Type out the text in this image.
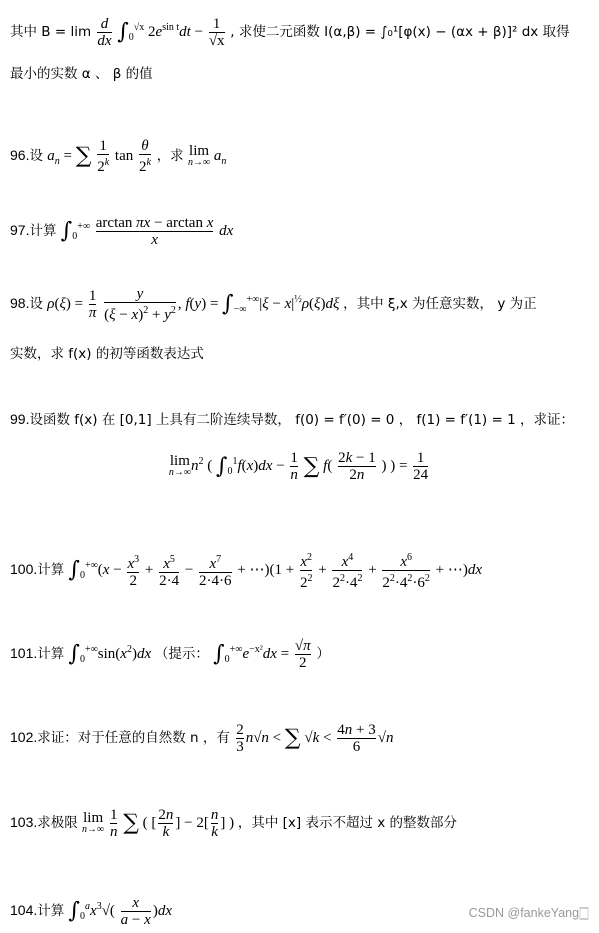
其中 $B = \lim \frac{d}{dx} \int_0^{√x}$ $2e^{sin t}dt - \frac{1}{√x}$ , 求使二元函数 I(α,β) = ∫₀¹[φ(x) − (αx + β)]² dx 取得
最小的实数 α 、 β 的值
96.设 $a_n$ = ∑ $\frac{1}{2^k}$ $\tan \frac{\theta}{2^k}$ ，求 lim
n→∞ $a_n$
97.计算 $\int_0^{+\infty} \frac{\text{arctan πx − arctan x}}{x}$ dx
98.设 $\rho(\xi) = \frac{1}{\pi}$
$\frac{y}{(\xi - x)^2 + y^2}$ , $f(y) = \int_{-\infty}^{+\infty}|\xi - x|^{\frac{1}{2}}\rho(\xi)d\xi$ ，其中 ξ,x 为任意实数， y 为正
实数，求 f(x) 的初等函数表达式
99.设函数 f(x) 在 [0,1] 上具有二阶连续导数， f(0) = f′(0) = 0 ， f(1) = f′(1) = 1 ，求证：
lim
n→∞ $n^2$ ( $\int_0^1f(x)dx - \frac{1}{n}$ ∑ $f( \frac{2k - 1}{2n}$ ) ) = $\frac{1}{24}$
100.计算 $\int_0^{+\infty}(x - \frac{x^3}{2} + \frac{x^5}{2\cdot 4} - \frac{x^7}{2\cdot 4\cdot 6}$ + ⋯)(1 + $\frac{x^2}{2^2} + \frac{x^4}{2^2\cdot 4^2} + \frac{x^6}{2^2\cdot 4^2\cdot 6^2}$ + ⋯)dx
101.计算 $\int_0^{+\infty}\sin(x^2)dx$ （提示： $\int_0^{+\infty}e^{-x^2}dx = \frac{√\pi}{2}$ ）
102.求证：对于任意的自然数 n ，有 $\frac{2}{3} n√n$ < ∑ $√k < \frac{4n + 3}{6} √n$
103.求极限 lim
n→∞
$\frac{1}{n}$ ∑ ( [ $\frac{2n}{k}$ ] − $2[ \frac{n}{k}$ ] ) ，其中 [x] 表示不超过 x 的整数部分
104.计算 $\int_0^ax^3√( \frac{x}{a - x} )dx$	CSDN @fankeYang🀆
